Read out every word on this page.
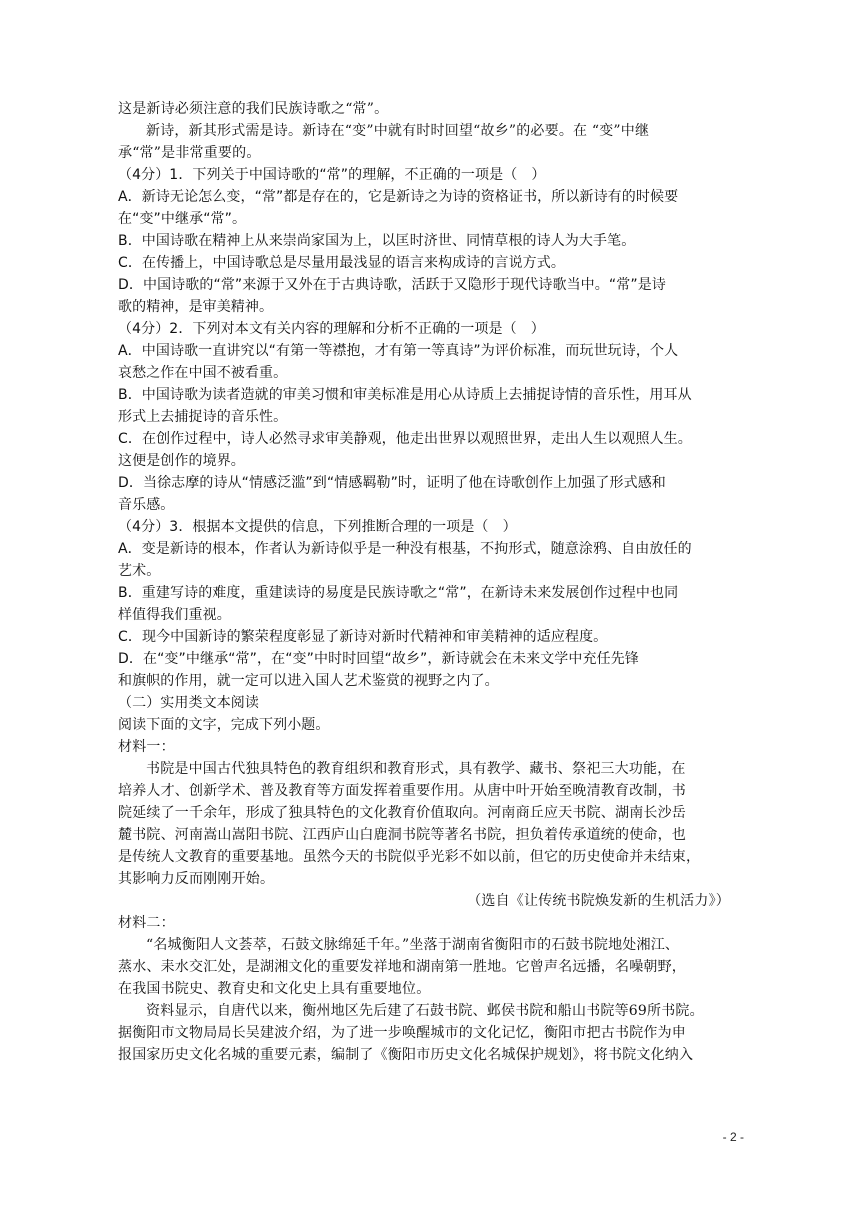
这是新诗必须注意的我们民族诗歌之“常”。
新诗，新其形式需是诗。新诗在“变”中就有时时回望“故乡”的必要。在 “变”中继
承“常”是非常重要的。
（4分）1．下列关于中国诗歌的“常”的理解，不正确的一项是（　）
A．新诗无论怎么变，“常”都是存在的，它是新诗之为诗的资格证书，所以新诗有的时候要
在“变”中继承“常”。
B．中国诗歌在精神上从来崇尚家国为上，以匡时济世、同情草根的诗人为大手笔。
C．在传播上，中国诗歌总是尽量用最浅显的语言来构成诗的言说方式。
D．中国诗歌的“常”来源于又外在于古典诗歌，活跃于又隐形于现代诗歌当中。“常”是诗
歌的精神，是审美精神。
（4分）2．下列对本文有关内容的理解和分析不正确的一项是（　）
A．中国诗歌一直讲究以“有第一等襟抱，才有第一等真诗”为评价标准，而玩世玩诗，个人
哀愁之作在中国不被看重。
B．中国诗歌为读者造就的审美习惯和审美标准是用心从诗质上去捕捉诗情的音乐性，用耳从
形式上去捕捉诗的音乐性。
C．在创作过程中，诗人必然寻求审美静观，他走出世界以观照世界，走出人生以观照人生。
这便是创作的境界。
D．当徐志摩的诗从“情感泛滥”到“情感羁勒”时，证明了他在诗歌创作上加强了形式感和
音乐感。
（4分）3．根据本文提供的信息，下列推断合理的一项是（　）
A．变是新诗的根本，作者认为新诗似乎是一种没有根基，不拘形式，随意涂鸦、自由放任的
艺术。
B．重建写诗的难度，重建读诗的易度是民族诗歌之“常”，在新诗未来发展创作过程中也同
样值得我们重视。
C．现今中国新诗的繁荣程度彰显了新诗对新时代精神和审美精神的适应程度。
D．在“变”中继承“常”，在“变”中时时回望“故乡”，新诗就会在未来文学中充任先锋
和旗帜的作用，就一定可以进入国人艺术鉴赏的视野之内了。
（二）实用类文本阅读
阅读下面的文字，完成下列小题。
材料一：
书院是中国古代独具特色的教育组织和教育形式，具有教学、藏书、祭祀三大功能，在
培养人才、创新学术、普及教育等方面发挥着重要作用。从唐中叶开始至晚清教育改制，书
院延续了一千余年，形成了独具特色的文化教育价值取向。河南商丘应天书院、湖南长沙岳
麓书院、河南嵩山嵩阳书院、江西庐山白鹿洞书院等著名书院，担负着传承道统的使命，也
是传统人文教育的重要基地。虽然今天的书院似乎光彩不如以前，但它的历史使命并未结束，
其影响力反而刚刚开始。
（选自《让传统书院焕发新的生机活力》）
材料二：
“名城衡阳人文荟萃，石鼓文脉绵延千年。”坐落于湖南省衡阳市的石鼓书院地处湘江、
蒸水、耒水交汇处，是湖湘文化的重要发祥地和湖南第一胜地。它曾声名远播，名噪朝野，
在我国书院史、教育史和文化史上具有重要地位。
资料显示，自唐代以来，衡州地区先后建了石鼓书院、邺侯书院和船山书院等69所书院。
据衡阳市文物局局长吴建波介绍，为了进一步唤醒城市的文化记忆，衡阳市把古书院作为申
报国家历史文化名城的重要元素，编制了《衡阳市历史文化名城保护规划》，将书院文化纳入
- 2 -
